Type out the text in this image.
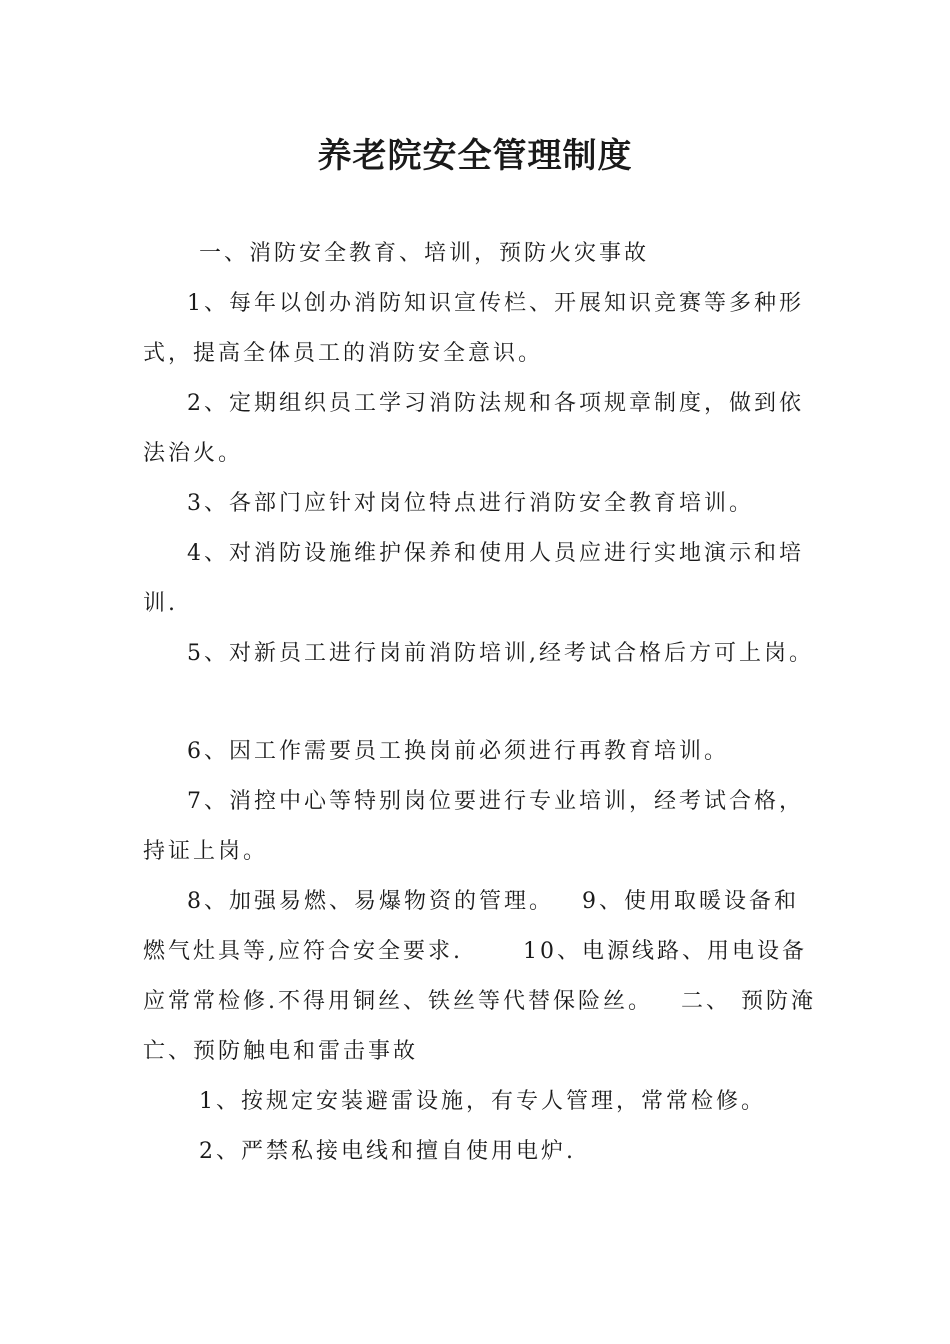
养老院安全管理制度

一、消防安全教育、培训，预防火灾事故

1、每年以创办消防知识宣传栏、开展知识竞赛等多种形式，提高全体员工的消防安全意识。

2、定期组织员工学习消防法规和各项规章制度，做到依法治火。

3、各部门应针对岗位特点进行消防安全教育培训。

4、对消防设施维护保养和使用人员应进行实地演示和培训.

5、对新员工进行岗前消防培训,经考试合格后方可上岗。

6、因工作需要员工换岗前必须进行再教育培训。

7、消控中心等特别岗位要进行专业培训，经考试合格，持证上岗。

8、加强易燃、易爆物资的管理。 9、使用取暖设备和燃气灶具等,应符合安全要求.	10、电源线路、用电设备应常常检修.不得用铜丝、铁丝等代替保险丝。 二、 预防淹亡、预防触电和雷击事故

1、按规定安装避雷设施，有专人管理，常常检修。

2、严禁私接电线和擅自使用电炉.
